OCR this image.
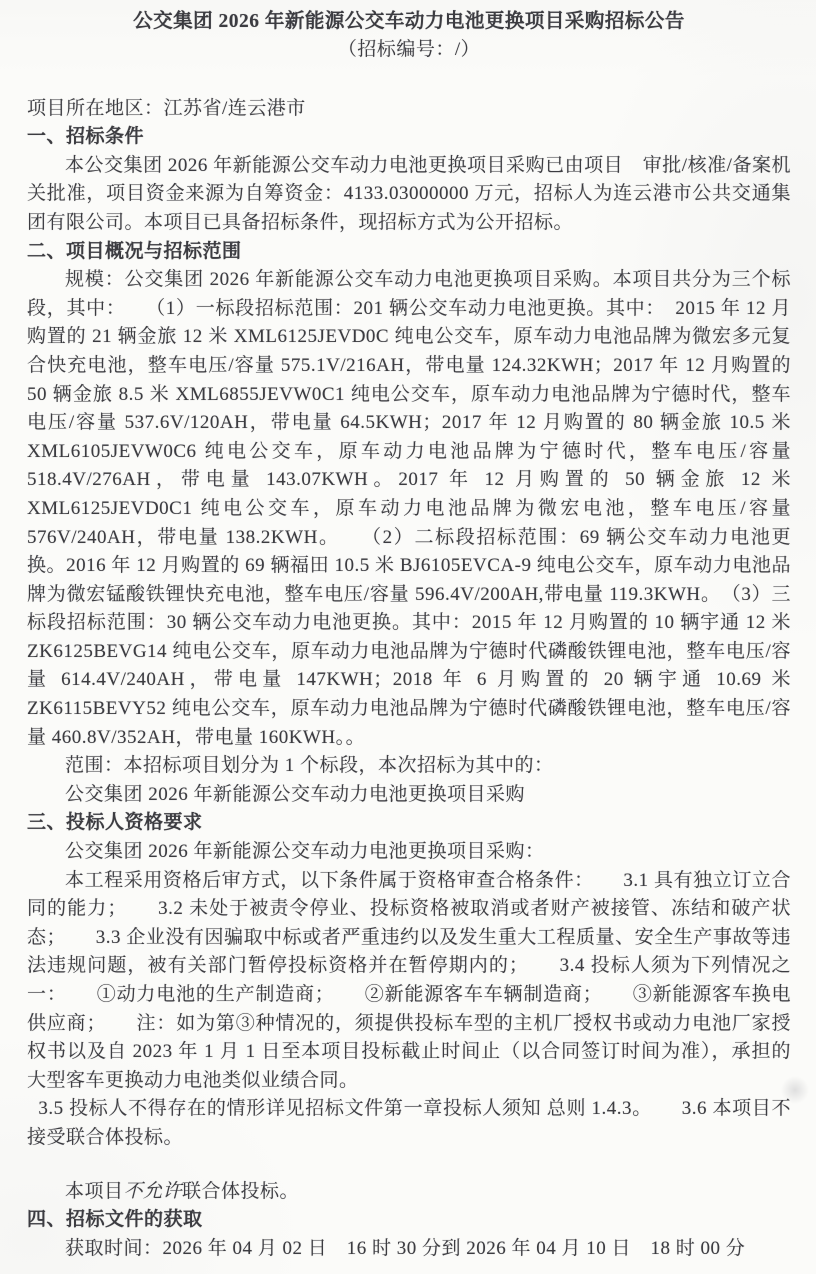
公交集团 2026 年新能源公交车动力电池更换项目采购招标公告
（招标编号：/）

项目所在地区：江苏省/连云港市

一、招标条件

本公交集团 2026 年新能源公交车动力电池更换项目采购已由项目　审批/核准/备案机关批准，项目资金来源为自筹资金：4133.03000000 万元，招标人为连云港市公共交通集团有限公司。本项目已具备招标条件，现招标方式为公开招标。

二、项目概况与招标范围

规模：公交集团 2026 年新能源公交车动力电池更换项目采购。本项目共分为三个标段，其中：　　（1）一标段招标范围：201 辆公交车动力电池更换。其中：　2015 年 12 月购置的 21 辆金旅 12 米 XML6125JEVD0C 纯电公交车，原车动力电池品牌为微宏多元复合快充电池，整车电压/容量 575.1V/216AH，带电量 124.32KWH；2017 年 12 月购置的 50 辆金旅 8.5 米 XML6855JEVW0C1 纯电公交车，原车动力电池品牌为宁德时代，整车电压/容量 537.6V/120AH，带电量 64.5KWH；2017 年 12 月购置的 80 辆金旅 10.5 米 XML6105JEVW0C6 纯电公交车，原车动力电池品牌为宁德时代，整车电压/容量 518.4V/276AH，带电量 143.07KWH。2017 年 12 月购置的 50 辆金旅 12 米 XML6125JEVD0C1 纯电公交车，原车动力电池品牌为微宏电池，整车电压/容量 576V/240AH，带电量 138.2KWH。　　（2）二标段招标范围：69 辆公交车动力电池更换。2016 年 12 月购置的 69 辆福田 10.5 米 BJ6105EVCA-9 纯电公交车，原车动力电池品牌为微宏锰酸铁锂快充电池，整车电压/容量 596.4V/200AH,带电量 119.3KWH。　（3）三标段招标范围：30 辆公交车动力电池更换。其中：2015 年 12 月购置的 10 辆宇通 12 米 ZK6125BEVG14 纯电公交车，原车动力电池品牌为宁德时代磷酸铁锂电池，整车电压/容量 614.4V/240AH，带电量 147KWH；2018 年 6 月购置的 20 辆宇通 10.69 米 ZK6115BEVY52 纯电公交车，原车动力电池品牌为宁德时代磷酸铁锂电池，整车电压/容量 460.8V/352AH，带电量 160KWH。。

范围：本招标项目划分为 1 个标段，本次招标为其中的：

公交集团 2026 年新能源公交车动力电池更换项目采购

三、投标人资格要求

公交集团 2026 年新能源公交车动力电池更换项目采购：

本工程采用资格后审方式，以下条件属于资格审查合格条件：　　3.1 具有独立订立合同的能力；　　3.2 未处于被责令停业、投标资格被取消或者财产被接管、冻结和破产状态；　　3.3 企业没有因骗取中标或者严重违约以及发生重大工程质量、安全生产事故等违法违规问题，被有关部门暂停投标资格并在暂停期内的；　　3.4 投标人须为下列情况之一：　　①动力电池的生产制造商；　　②新能源客车车辆制造商；　　③新能源客车换电供应商；　　注：如为第③种情况的，须提供投标车型的主机厂授权书或动力电池厂家授权书以及自 2023 年 1 月 1 日至本项目投标截止时间止（以合同签订时间为准），承担的大型客车更换动力电池类似业绩合同。

3.5 投标人不得存在的情形详见招标文件第一章投标人须知 总则 1.4.3。　　3.6 本项目不接受联合体投标。

本项目不允许联合体投标。

四、招标文件的获取

获取时间：2026 年 04 月 02 日　16 时 30 分到 2026 年 04 月 10 日　18 时 00 分
